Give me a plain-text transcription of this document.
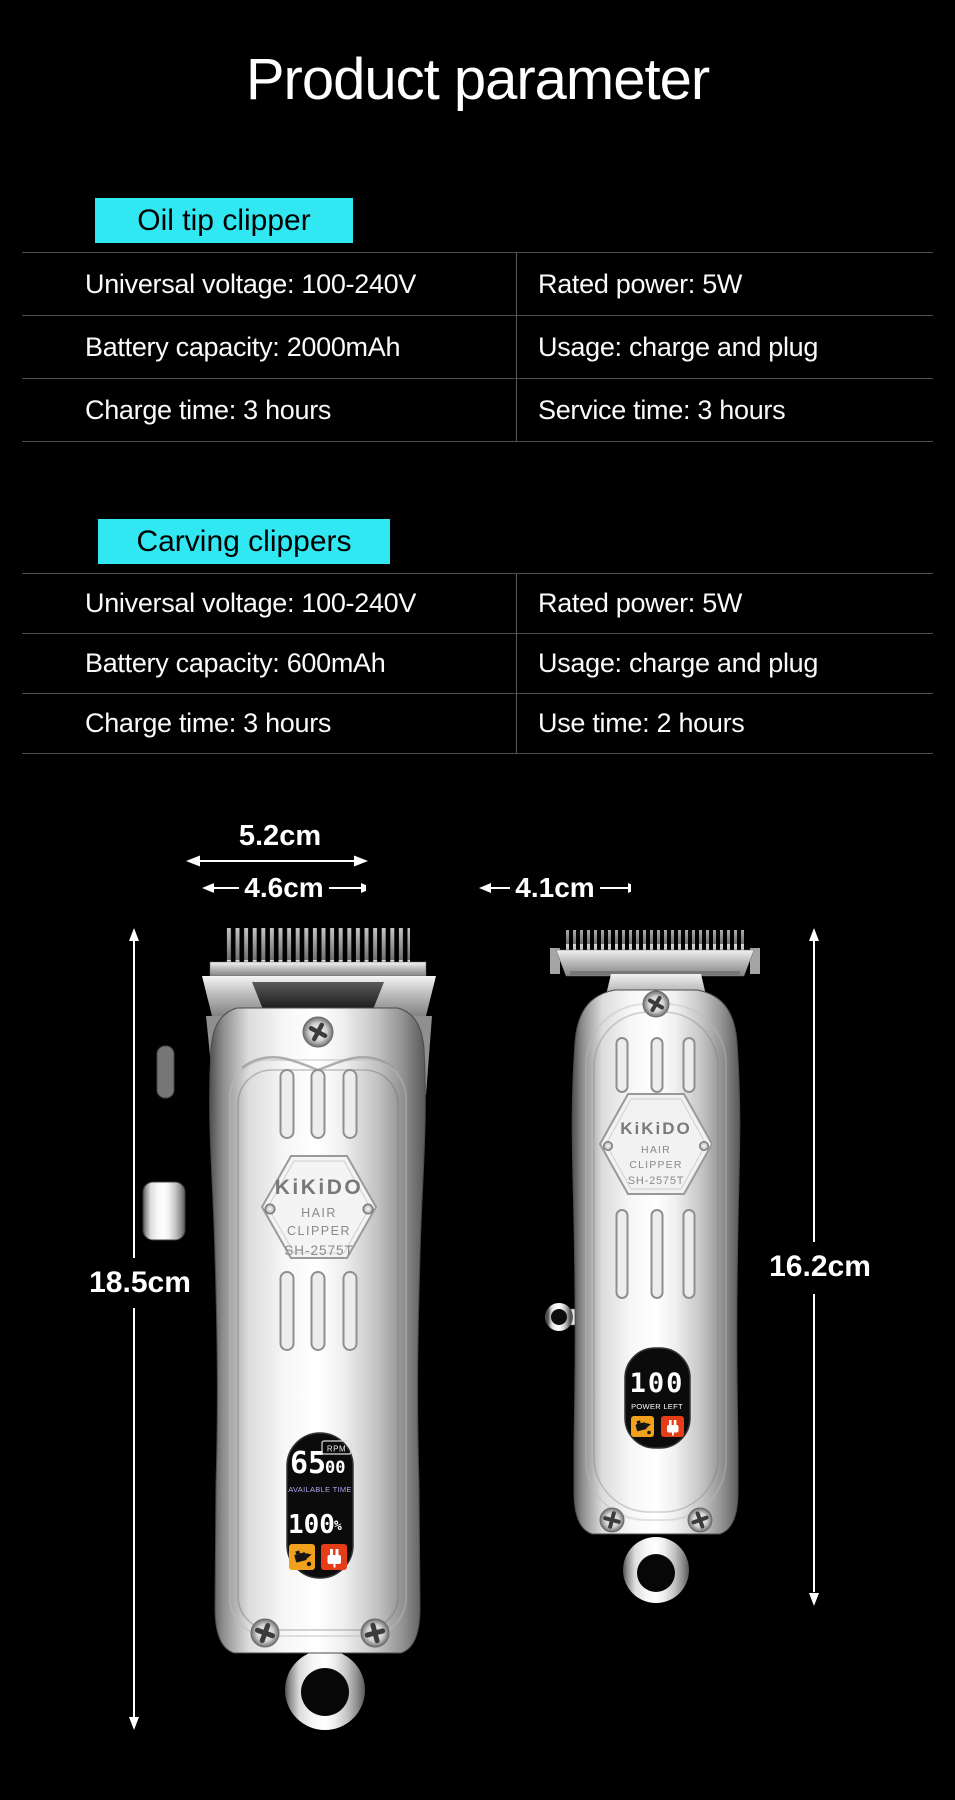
Product parameter
Oil tip clipper
Universal voltage: 100-240V	Rated power: 5W
Battery capacity: 2000mAh	Usage: charge and plug
Charge time: 3 hours	Service time: 3 hours
Carving clippers
Universal voltage: 100-240V	Rated power: 5W
Battery capacity: 600mAh	Usage: charge and plug
Charge time: 3 hours	Use time: 2 hours
5.2cm
4.6cm	4.1cm
18.5cm	16.2cm
KiKiDO
HAIR
CLIPPER
SH-2575T
65
00
RPM
AVAILABLE TIME
100 %
KiKiDO
HAIR
CLIPPER
SH-2575T
100
POWER LEFT
